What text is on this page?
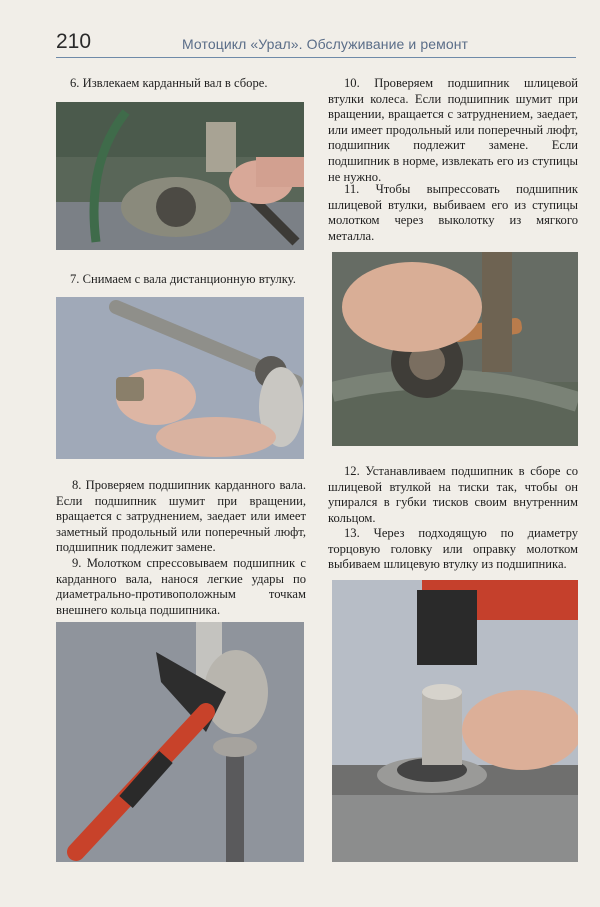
210	Мотоцикл «Урал». Обслуживание и ремонт

6. Извлекаем карданный вал в сборе.

7. Снимаем с вала дистанционную втулку.

8. Проверяем подшипник карданного вала. Если подшипник шумит при вращении, вращается с затруднением, заедает или имеет заметный продольный или поперечный люфт, подшипник подлежит замене.

9. Молотком спрессовываем подшипник с карданного вала, нанося легкие удары по диаметрально-противоположным точкам внешнего кольца подшипника.

10. Проверяем подшипник шлицевой втулки колеса. Если подшипник шумит при вращении, вращается с затруднением, заедает, или имеет продольный или поперечный люфт, подшипник подлежит замене. Если подшипник в норме, извлекать его из ступицы не нужно.

11. Чтобы выпрессовать подшипник шлицевой втулки, выбиваем его из ступицы молотком через выколотку из мягкого металла.

12. Устанавливаем подшипник в сборе со шлицевой втулкой на тиски так, чтобы он упирался в губки тисков своим внутренним кольцом.

13. Через подходящую по диаметру торцовую головку или оправку молотком выбиваем шлицевую втулку из подшипника.
